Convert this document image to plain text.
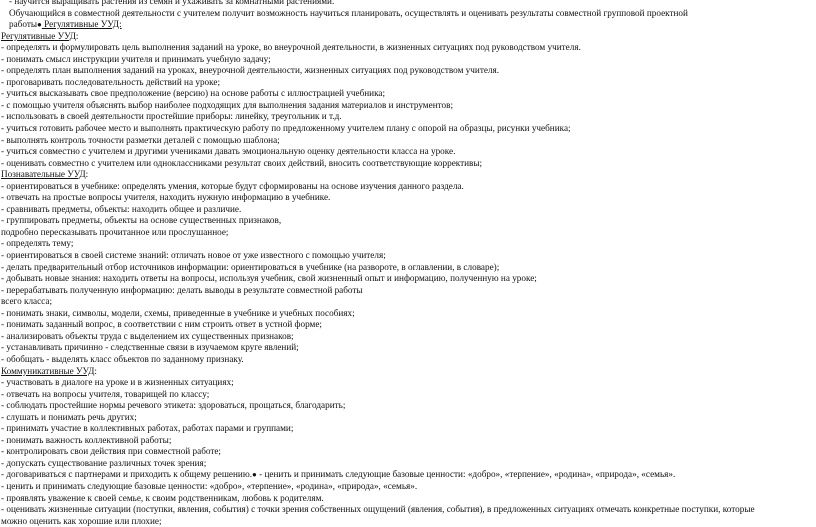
- научится выращивать растения из семян и ухаживать за комнатными растениями.
Обучающийся в совместной деятельности с учителем получит возможность научиться планировать, осуществлять и оценивать результаты совместной групповой проектной
работы● Регулятивные УУД:
Регулятивные УУД:
- определять и формулировать цель выполнения заданий на уроке, во внеурочной деятельности, в жизненных ситуациях под руководством учителя.
- понимать смысл инструкции учителя и принимать учебную задачу;
- определять план выполнения заданий на уроках, внеурочной деятельности, жизненных ситуациях под руководством учителя.
- проговаривать последовательность действий на уроке;
- учиться высказывать свое предположение (версию) на основе работы с иллюстрацией учебника;
- с помощью учителя объяснять выбор наиболее подходящих для выполнения задания материалов и инструментов;
- использовать в своей деятельности простейшие приборы: линейку, треугольник и т.д.
- учиться готовить рабочее место и выполнять практическую работу по предложенному учителем плану с опорой на образцы, рисунки учебника;
- выполнять контроль точности разметки деталей с помощью шаблона;
- учиться совместно с учителем и другими учениками давать эмоциональную оценку деятельности класса на уроке.
- оценивать совместно с учителем или одноклассниками результат своих действий, вносить соответствующие коррективы;
Познавательные УУД:
- ориентироваться в учебнике: определять умения, которые будут сформированы на основе изучения данного раздела.
- отвечать на простые вопросы учителя, находить нужную информацию в учебнике.
- сравнивать предметы, объекты: находить общее и различие.
- группировать предметы, объекты на основе существенных признаков,
подробно пересказывать прочитанное или прослушанное;
- определять тему;
- ориентироваться в своей системе знаний: отличать новое от уже известного с помощью учителя;
- делать предварительный отбор источников информации: ориентироваться в учебнике (на развороте, в оглавлении, в словаре);
- добывать новые знания: находить ответы на вопросы, используя учебник, свой жизненный опыт и информацию, полученную на уроке;
- перерабатывать полученную информацию: делать выводы в результате совместной работы
всего класса;
- понимать знаки, символы, модели, схемы, приведенные в учебнике и учебных пособиях;
- понимать заданный вопрос, в соответствии с ним строить ответ в устной форме;
- анализировать объекты труда с выделением их существенных признаков;
- устанавливать причинно - следственные связи в изучаемом круге явлений;
- обобщать - выделять класс объектов по заданному признаку.
Коммуникативные УУД:
- участвовать в диалоге на уроке и в жизненных ситуациях;
- отвечать на вопросы учителя, товарищей по классу;
- соблюдать простейшие нормы речевого этикета: здороваться, прощаться, благодарить;
- слушать и понимать речь других;
- принимать участие в коллективных работах, работах парами и группами;
- понимать важность коллективной работы;
- контролировать свои действия при совместной работе;
- допускать существование различных точек зрения;
- договариваться с партнерами и приходить к общему решению.● - ценить и принимать следующие базовые ценности: «добро», «терпение», «родина», «природа», «семья».
- ценить и принимать следующие базовые ценности: «добро», «терпение», «родина», «природа», «семья».
- проявлять уважение к своей семье, к своим родственникам, любовь к родителям.
- оценивать жизненные ситуации (поступки, явления, события) с точки зрения собственных ощущений (явления, события), в предложенных ситуациях отмечать конкретные поступки, которые
можно оценить как хорошие или плохие;
